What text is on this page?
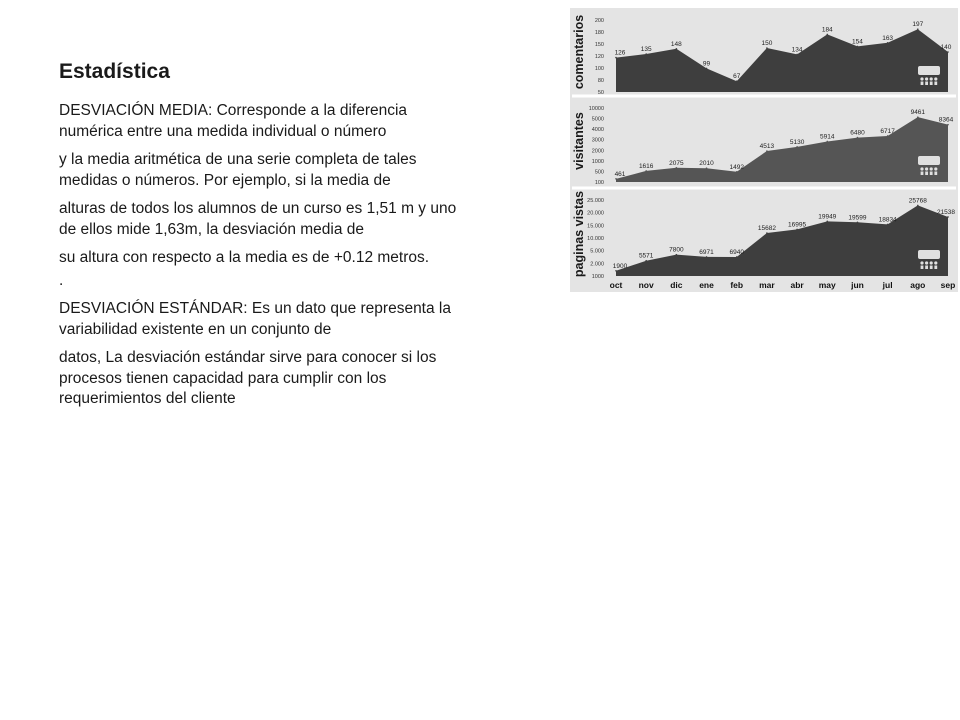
Estadística

DESVIACIÓN MEDIA: Corresponde a la diferencia numérica entre una medida individual o número

y la media aritmética de una serie completa de tales medidas o números. Por ejemplo, si la media de

alturas de todos los alumnos de un curso es 1,51 m y uno de ellos mide 1,63m, la desviación media de

su altura con respecto a la media es de +0.12 metros.

.

DESVIACIÓN ESTÁNDAR: Es un dato que representa la variabilidad existente en un conjunto de

datos, La desviación estándar sirve para conocer si los procesos tienen capacidad para cumplir con los requerimientos del cliente

comentarios 200
180
150
120
100
80
50
126
135
148
99
67
150
134
184
154
163
197
140
visitantes
10000
5000
4000
3000
2000
1000
500
100
461
1616 2075 2010
1492
4513
5130
5914
6480 6717
9461
8364
paginas vistas 25.000
20.000
15.000
10.000
5.000
2.000
1000
1900
5571
7800 6971 6940
15682
16995
19949 19599 18834
25768
21538
oct nov dic ene feb mar abr may jun jul ago sep
